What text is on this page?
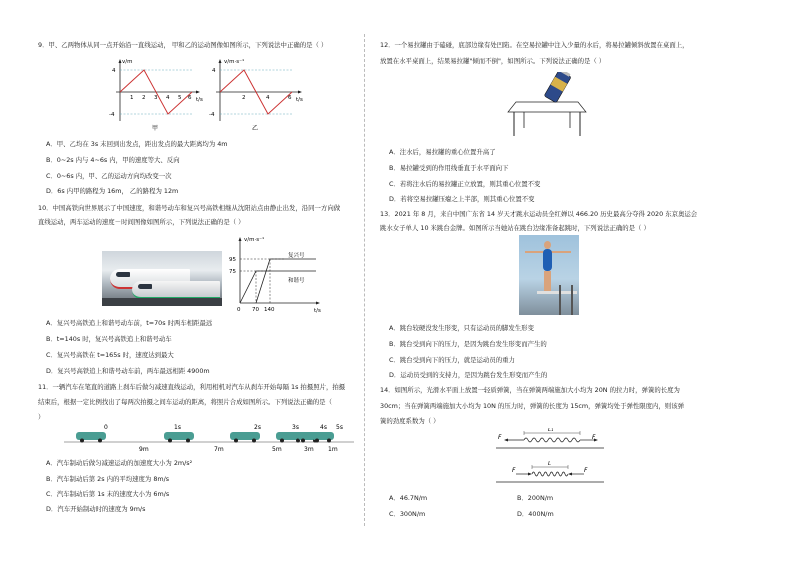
9．甲、乙两物体从同一点开始沿一直线运动， 甲和乙的运动图像如图所示，下列说法中正确的是（ ）
v/m
t/s
4
-4
1 2 3 4 5 6
甲
v/m·s⁻¹
t/s
4
-4
2	4	6
乙
A．甲、乙均在 3s 末回到出发点，距出发点的最大距离均为 4m
B．0~2s 内与 4~6s 内，甲的速度等大、反向
C．0~6s 内，甲、乙的运动方向均改变一次
D．6s 内甲的路程为 16m， 乙的路程为 12m
10．中国高铁向世界展示了中国速度，和谐号动车和复兴号高铁相继从沈阳站点由静止出发，沿同一方向做
直线运动，两车运动的速度－时间图像如图所示，下列说法正确的是（ ）
v/m·s⁻¹
t/s
95
75
0 70 140
复兴号
和谐号
A．复兴号高铁追上和谐号动车前，t=70s 时两车相距最远
B．t=140s 时，复兴号高铁追上和谐号动车
C．复兴号高铁在 t=165s 时，速度达到最大
D．复兴号高铁追上和谐号动车前，两车最远相距 4900m
11．一辆汽车在笔直的道路上刹车后做匀减速直线运动，利用相机对汽车从刹车开始每隔 1s 拍摄照片，拍摄
结束后，根据一定比例找出了每两次拍摄之间车运动的距离，将照片合成如图所示。下列说法正确的是（
）
0	1s	2s	3s	4s 5s
9m	7m	5m	3m 1m
A．汽车制动后做匀减速运动的加速度大小为 2m/s²
B．汽车制动后第 2s 内的平均速度为 8m/s
C．汽车制动后第 1s 末的速度大小为 6m/s
D．汽车开始制动时的速度为 9m/s
12．一个易拉罐由于磕碰，底部边缘有处凹陷。在空易拉罐中注入少量的水后，将易拉罐倾斜放置在桌面上，
放置在水平桌面上，结果易拉罐"倾而不倒"，如图所示。下列说法正确的是（ ）
A．注水后，易拉罐的重心位置升高了
B．易拉罐受到的作用线垂直于水平面向下
C．若将注水后的易拉罐正立放置，则其重心位置不变
D．若将空易拉罐压瘪之上半部，则其重心位置不变
13．2021 年 8 月，来自中国广东省 14 岁天才跳水运动员全红婵以 466.20 历史最高分夺得 2020 东京奥运会
跳水女子单人 10 米跳台金牌。如图所示当她站在跳台边缘准备起跳时，下列说法正确的是（ ）
A．跳台较硬没发生形变，只有运动员的脚发生形变
B．跳台受到向下的压力，是因为跳台发生形变而产生的
C．跳台受到向下的压力，就是运动员的重力
D．运动员受到的支持力，是因为跳台发生形变而产生的
14．如图所示，光滑水平面上放置一轻质弹簧，当在弹簧两端施加大小均为 20N 的拉力时，弹簧的长度为
30cm；当在弹簧两端施加大小均为 10N 的压力时，弹簧的长度为 15cm，弹簧均处于弹性限度内，则该弹
簧的劲度系数为（ ）
F	F
L₁
F	F
L
A．46.7N/m	B．200N/m
C．300N/m	D．400N/m
